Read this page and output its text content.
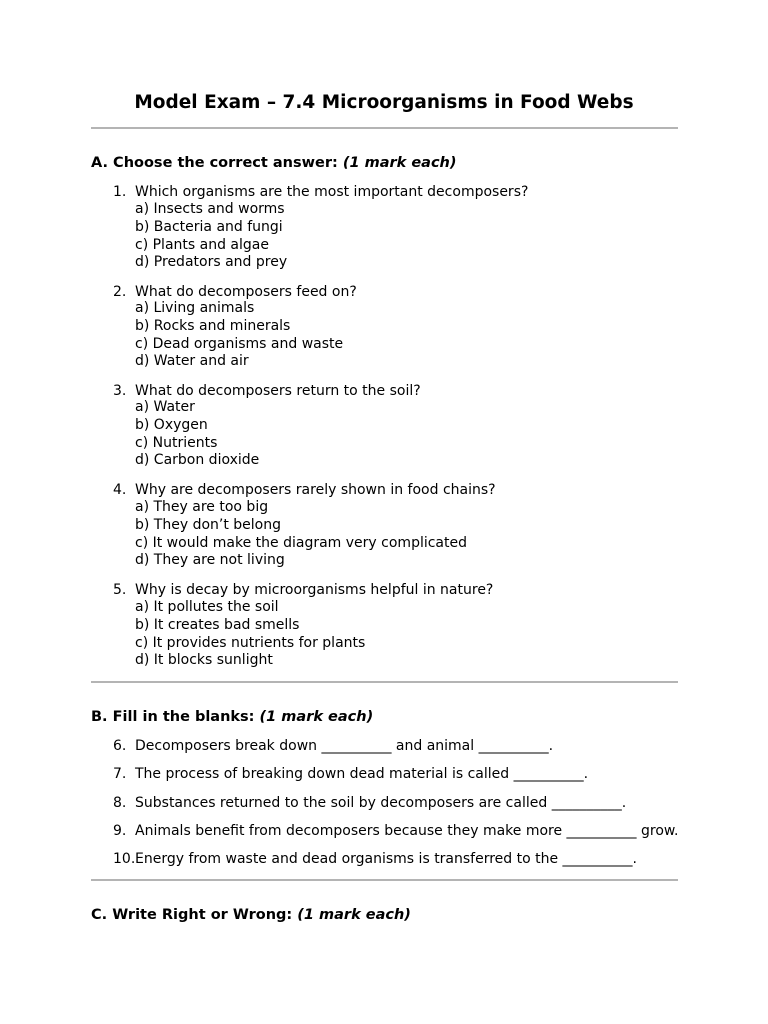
Model Exam – 7.4 Microorganisms in Food Webs
A. Choose the correct answer: (1 mark each)
1. Which organisms are the most important decomposers?
a) Insects and worms
b) Bacteria and fungi
c) Plants and algae
d) Predators and prey
2. What do decomposers feed on?
a) Living animals
b) Rocks and minerals
c) Dead organisms and waste
d) Water and air
3. What do decomposers return to the soil?
a) Water
b) Oxygen
c) Nutrients
d) Carbon dioxide
4. Why are decomposers rarely shown in food chains?
a) They are too big
b) They don’t belong
c) It would make the diagram very complicated
d) They are not living
5. Why is decay by microorganisms helpful in nature?
a) It pollutes the soil
b) It creates bad smells
c) It provides nutrients for plants
d) It blocks sunlight
B. Fill in the blanks: (1 mark each)
6. Decomposers break down __________ and animal __________.
7. The process of breaking down dead material is called __________.
8. Substances returned to the soil by decomposers are called __________.
9. Animals benefit from decomposers because they make more __________ grow.
10. Energy from waste and dead organisms is transferred to the __________.
C. Write Right or Wrong: (1 mark each)
